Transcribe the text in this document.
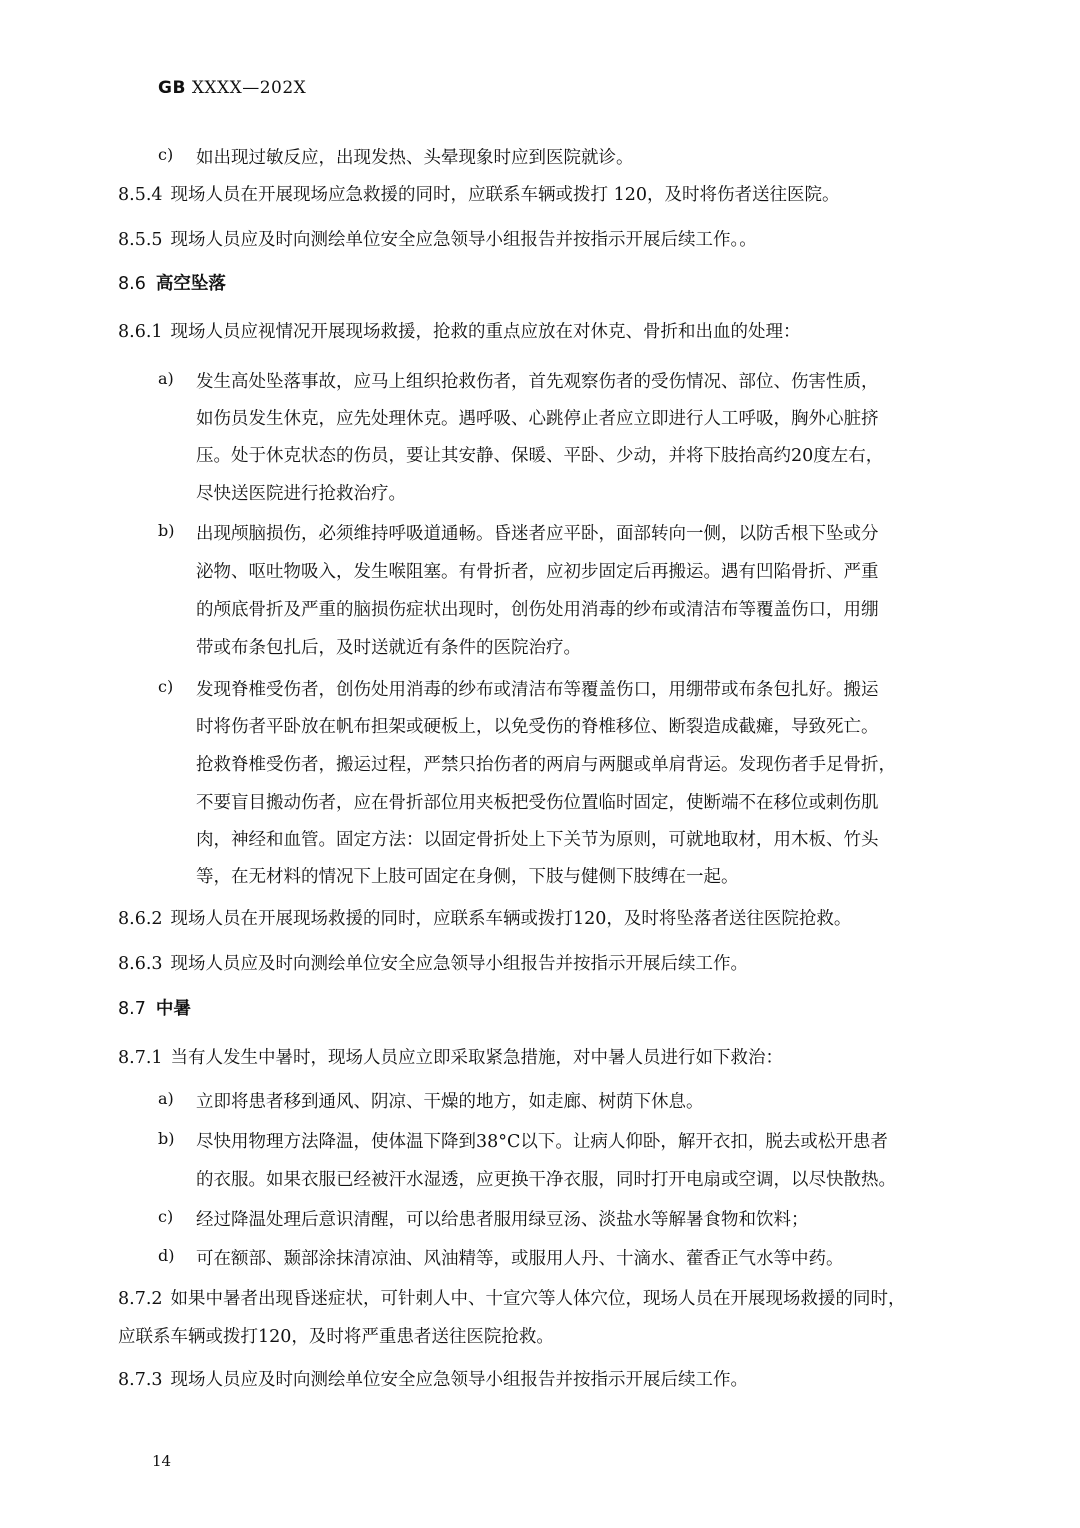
GB XXXX—202X
c) 如出现过敏反应，出现发热、头晕现象时应到医院就诊。
8.5.4 现场人员在开展现场应急救援的同时，应联系车辆或拨打 120，及时将伤者送往医院。
8.5.5 现场人员应及时向测绘单位安全应急领导小组报告并按指示开展后续工作。。
8.6 高空坠落
8.6.1 现场人员应视情况开展现场救援，抢救的重点应放在对休克、骨折和出血的处理：
a) 发生高处坠落事故，应马上组织抢救伤者，首先观察伤者的受伤情况、部位、伤害性质，
如伤员发生休克，应先处理休克。遇呼吸、心跳停止者应立即进行人工呼吸，胸外心脏挤
压。处于休克状态的伤员，要让其安静、保暖、平卧、少动，并将下肢抬高约20度左右，
尽快送医院进行抢救治疗。
b) 出现颅脑损伤，必须维持呼吸道通畅。昏迷者应平卧，面部转向一侧，以防舌根下坠或分
泌物、呕吐物吸入，发生喉阻塞。有骨折者，应初步固定后再搬运。遇有凹陷骨折、严重
的颅底骨折及严重的脑损伤症状出现时，创伤处用消毒的纱布或清洁布等覆盖伤口，用绷
带或布条包扎后，及时送就近有条件的医院治疗。
c) 发现脊椎受伤者，创伤处用消毒的纱布或清洁布等覆盖伤口，用绷带或布条包扎好。搬运
时将伤者平卧放在帆布担架或硬板上，以免受伤的脊椎移位、断裂造成截瘫，导致死亡。
抢救脊椎受伤者，搬运过程，严禁只抬伤者的两肩与两腿或单肩背运。发现伤者手足骨折，
不要盲目搬动伤者，应在骨折部位用夹板把受伤位置临时固定，使断端不在移位或刺伤肌
肉，神经和血管。固定方法：以固定骨折处上下关节为原则，可就地取材，用木板、竹头
等，在无材料的情况下上肢可固定在身侧，下肢与健侧下肢缚在一起。
8.6.2 现场人员在开展现场救援的同时，应联系车辆或拨打120，及时将坠落者送往医院抢救。
8.6.3 现场人员应及时向测绘单位安全应急领导小组报告并按指示开展后续工作。
8.7 中暑
8.7.1 当有人发生中暑时，现场人员应立即采取紧急措施，对中暑人员进行如下救治：
a) 立即将患者移到通风、阴凉、干燥的地方，如走廊、树荫下休息。
b) 尽快用物理方法降温，使体温下降到38°C以下。让病人仰卧，解开衣扣，脱去或松开患者
的衣服。如果衣服已经被汗水湿透，应更换干净衣服，同时打开电扇或空调，以尽快散热。
c) 经过降温处理后意识清醒，可以给患者服用绿豆汤、淡盐水等解暑食物和饮料；
d) 可在额部、颞部涂抹清凉油、风油精等，或服用人丹、十滴水、藿香正气水等中药。
8.7.2 如果中暑者出现昏迷症状，可针刺人中、十宣穴等人体穴位，现场人员在开展现场救援的同时，
应联系车辆或拨打120，及时将严重患者送往医院抢救。
8.7.3 现场人员应及时向测绘单位安全应急领导小组报告并按指示开展后续工作。
14
